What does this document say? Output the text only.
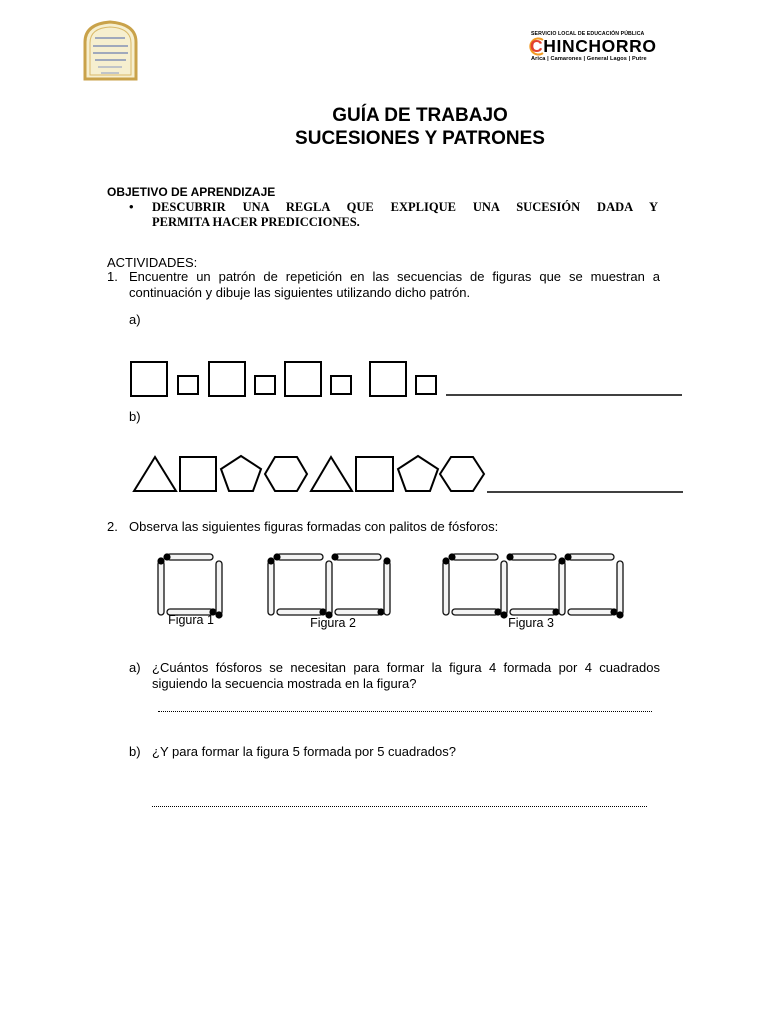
SERVICIO LOCAL DE EDUCACIÓN PÚBLICA
CHINCHORRO
Arica | Camarones | General Lagos | Putre
GUÍA DE TRABAJO
SUCESIONES Y PATRONES
OBJETIVO DE APRENDIZAJE
• DESCUBRIR UNA REGLA QUE EXPLIQUE UNA SUCESIÓN DADA Y
PERMITA HACER PREDICCIONES.
ACTIVIDADES:
1. Encuentre un patrón de repetición en las secuencias de figuras que se muestran a
continuación y dibuje las siguientes utilizando dicho patrón.
a)
b)
2. Observa las siguientes figuras formadas con palitos de fósforos:
Figura 1	Figura 2	Figura 3
a) ¿Cuántos fósforos se necesitan para formar la figura 4 formada por 4 cuadrados
siguiendo la secuencia mostrada en la figura?
b) ¿Y para formar la figura 5 formada por 5 cuadrados?
